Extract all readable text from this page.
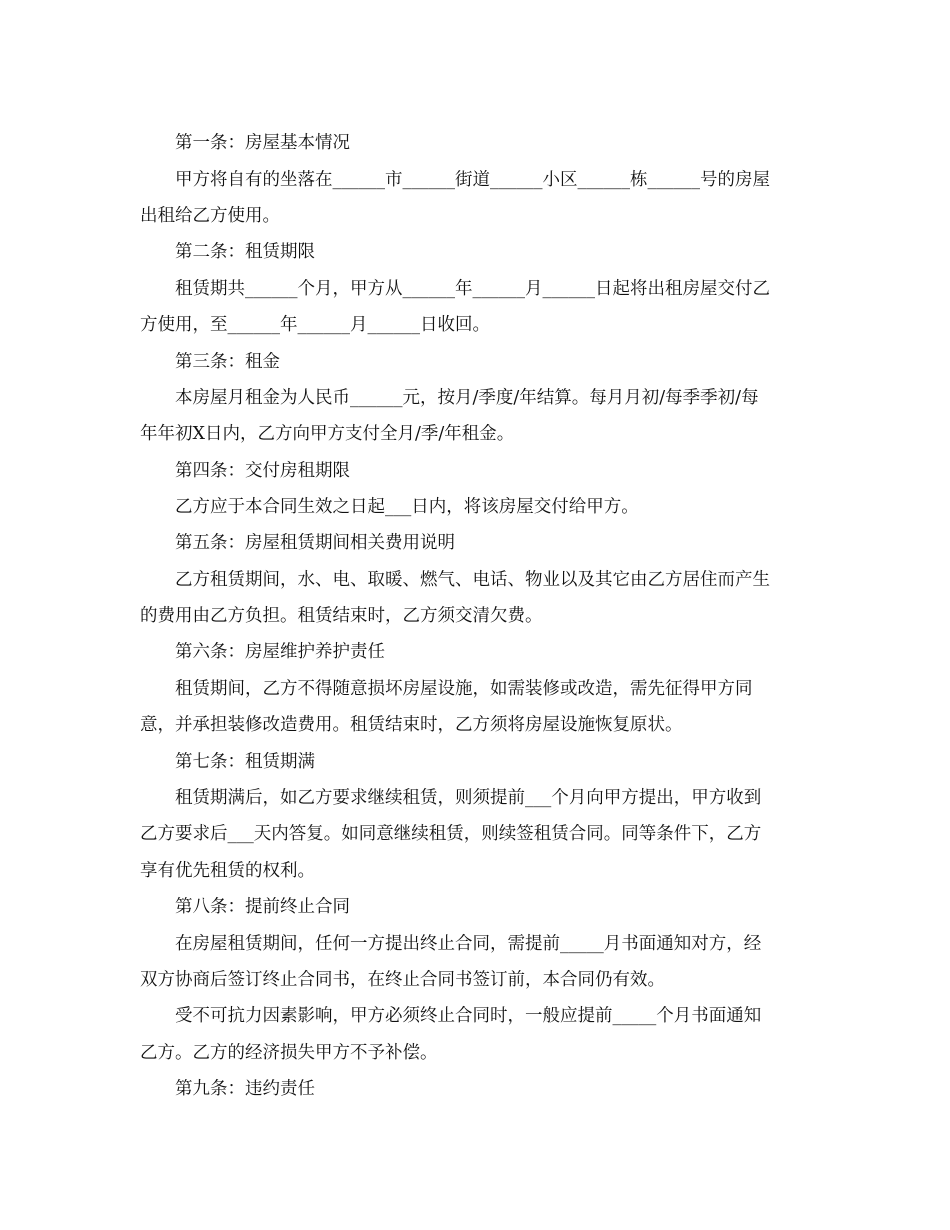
第一条：房屋基本情况

甲方将自有的坐落在______市______街道______小区______栋______号的房屋

出租给乙方使用。

第二条：租赁期限

租赁期共______个月，甲方从______年______月______日起将出租房屋交付乙

方使用，至______年______月______日收回。

第三条：租金

本房屋月租金为人民币______元，按月/季度/年结算。每月月初/每季季初/每

年年初X日内，乙方向甲方支付全月/季/年租金。

第四条：交付房租期限

乙方应于本合同生效之日起___日内，将该房屋交付给甲方。

第五条：房屋租赁期间相关费用说明

乙方租赁期间，水、电、取暖、燃气、电话、物业以及其它由乙方居住而产生

的费用由乙方负担。租赁结束时，乙方须交清欠费。

第六条：房屋维护养护责任

租赁期间，乙方不得随意损坏房屋设施，如需装修或改造，需先征得甲方同

意，并承担装修改造费用。租赁结束时，乙方须将房屋设施恢复原状。

第七条：租赁期满

租赁期满后，如乙方要求继续租赁，则须提前___个月向甲方提出，甲方收到

乙方要求后___天内答复。如同意继续租赁，则续签租赁合同。同等条件下，乙方

享有优先租赁的权利。

第八条：提前终止合同

在房屋租赁期间，任何一方提出终止合同，需提前_____月书面通知对方，经

双方协商后签订终止合同书，在终止合同书签订前，本合同仍有效。

受不可抗力因素影响，甲方必须终止合同时，一般应提前_____个月书面通知

乙方。乙方的经济损失甲方不予补偿。

第九条：违约责任
